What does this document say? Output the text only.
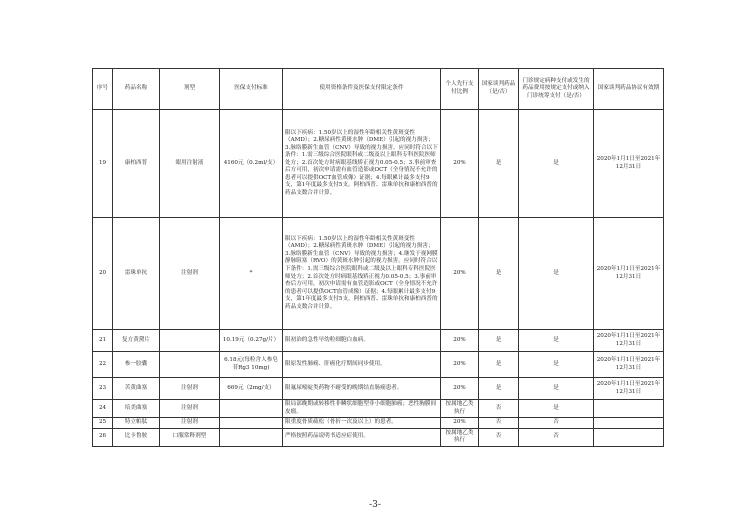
序号	药品名称	剂型	医保支付标准	使用资格条件及医保支付限定条件	个人先行支付比例	国家谈判药品（是/否）	门诊规定病种支付或发生的药品费用按规定支付或纳入门诊统筹支付（是/否）	国家谈判药品协议有效期
19	康柏西普	眼用注射液	4160元（0.2ml/支）	限以下疾病：1.50岁以上的湿性年龄相关性黄斑变性（AMD）；2.糖尿病性黄斑水肿（DME）引起的视力损害；3.脉络膜新生血管（CNV）导致的视力损害。应同时符合以下条件：1.需三级综合医院眼科或二级及以上眼科专科医院医师处方；2.首次处方时病眼基线矫正视力0.05-0.5；3.事前审查后方可用，初次申请需有血管造影或OCT（全身情况不允许的患者可以提供OCT血管成像）证据；4.每眼累计最多支付9支，第1年度最多支付5支。阿柏西普、雷珠单抗和康柏西普的药品支数合并计算。	20%	是	是	2020年1月1日至2021年12月31日
20	雷珠单抗	注射剂	*	限以下疾病：1.50岁以上的湿性年龄相关性黄斑变性（AMD）；2.糖尿病性黄斑水肿（DME）引起的视力损害；3.脉络膜新生血管（CNV）导致的视力损害；4.继发于视网膜静脉阻塞（RVO）的黄斑水肿引起的视力损害。应同时符合以下条件：1.需三级综合医院眼科或二级及以上眼科专科医院医师处方；2.首次处方时病眼基线矫正视力0.05-0.5；3.事前审查后方可用，初次申请需有血管造影或OCT（全身情况不允许的患者可以提供OCT血管成像）证据；4.每眼累计最多支付9支，第1年度最多支付5支。阿柏西普、雷珠单抗和康柏西普的药品支数合并计算。	20%	是	是	2020年1月1日至2021年12月31日
21	复方黄黛片		10.19元（0.27g/片）	限初治的急性早幼粒细胞白血病。	20%	是	是	2020年1月1日至2021年12月31日
22	参一胶囊		6.18元(每粒含人参皂苷Rg3 10mg)	限原发性肺癌、肝癌化疗期间同步使用。	20%	是	是	2020年1月1日至2021年12月31日
23	苦黄曲塞	注射剂	669元（2mg/支）	限氟尿嘧啶类药物不耐受的晚期结直肠癌患者。	20%	是	是	2020年1月1日至2021年12月31日
24	培美曲塞	注射剂		限局部晚期或转移性非鳞状细胞型非小细胞肺癌；恶性胸膜间皮瘤。	按属地乙类执行	否	是	
25	特立帕肽	注射剂		限重度骨质疏松（骨折一次及以上）的患者。	20%	否	否	
26	比卡鲁胺	口服常释剂型		严格按照药品说明书适应症使用。	按属地乙类执行	否	否	
-3-
